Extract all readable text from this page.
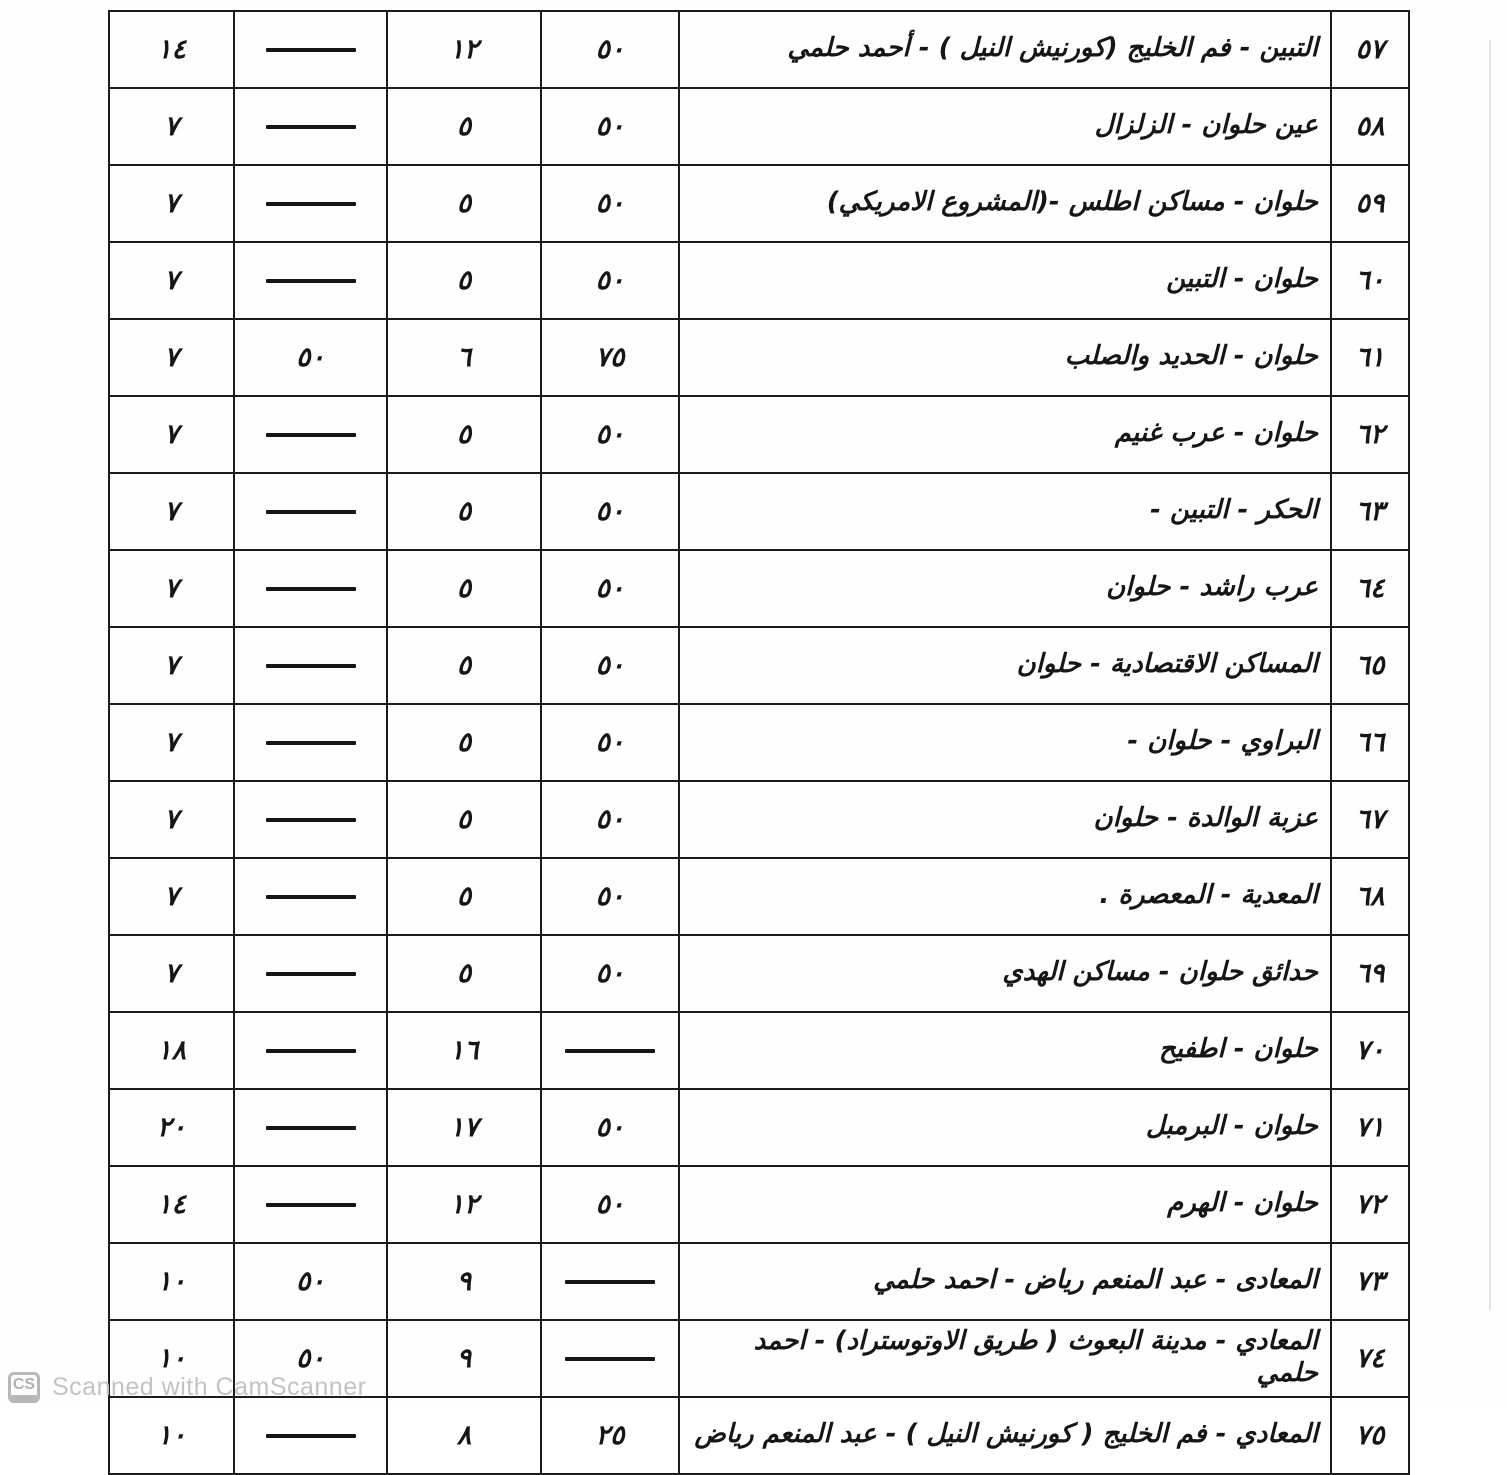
٥٧	التبين - فم الخليج (كورنيش النيل ) - أحمد حلمي	٥٠	١٢		١٤
٥٨	عين حلوان - الزلزال	٥٠	٥		٧
٥٩	حلوان - مساكن اطلس -(المشروع الامريكي)	٥٠	٥		٧
٦٠	حلوان - التبين	٥٠	٥		٧
٦١	حلوان - الحديد والصلب	٧٥	٦	٥٠	٧
٦٢	حلوان - عرب غنيم	٥٠	٥		٧
٦٣	الحكر - التبين -	٥٠	٥		٧
٦٤	عرب راشد - حلوان	٥٠	٥		٧
٦٥	المساكن الاقتصادية - حلوان	٥٠	٥		٧
٦٦	البراوي - حلوان -	٥٠	٥		٧
٦٧	عزبة الوالدة - حلوان	٥٠	٥		٧
٦٨	المعدية - المعصرة .	٥٠	٥		٧
٦٩	حدائق حلوان - مساكن الهدي	٥٠	٥		٧
٧٠	حلوان - اطفيح		١٦		١٨
٧١	حلوان - البرمبل	٥٠	١٧		٢٠
٧٢	حلوان - الهرم	٥٠	١٢		١٤
٧٣	المعادى - عبد المنعم رياض - احمد حلمي		٩	٥٠	١٠
٧٤	المعادي - مدينة البعوث ( طريق الاوتوستراد) - احمد حلمي		٩	٥٠	١٠
٧٥	المعادي - فم الخليج ( كورنيش النيل ) - عبد المنعم رياض	٢٥	٨		١٠
CS Scanned with CamScanner
